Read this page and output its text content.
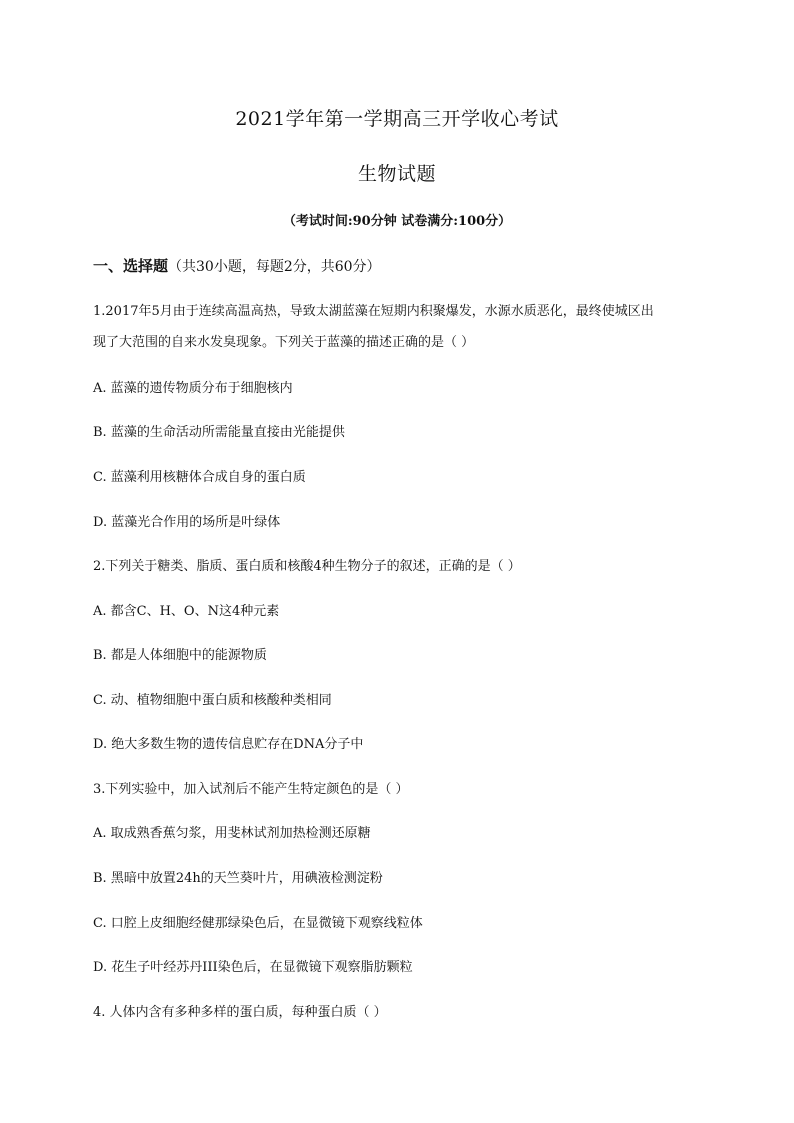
2021学年第一学期高三开学收心考试
生物试题
（考试时间:90分钟 试卷满分:100分）
一、选择题（共30小题，每题2分，共60分）
1.2017年5月由于连续高温高热，导致太湖蓝藻在短期内积聚爆发，水源水质恶化，最终使城区出
现了大范围的自来水发臭现象。下列关于蓝藻的描述正确的是（ ）
A. 蓝藻的遗传物质分布于细胞核内
B. 蓝藻的生命活动所需能量直接由光能提供
C. 蓝藻利用核糖体合成自身的蛋白质
D. 蓝藻光合作用的场所是叶绿体
2.下列关于糖类、脂质、蛋白质和核酸4种生物分子的叙述，正确的是（ ）
A. 都含C、H、O、N这4种元素
B. 都是人体细胞中的能源物质
C. 动、植物细胞中蛋白质和核酸种类相同
D. 绝大多数生物的遗传信息贮存在DNA分子中
3.下列实验中，加入试剂后不能产生特定颜色的是（ ）
A. 取成熟香蕉匀浆，用斐林试剂加热检测还原糖
B. 黑暗中放置24h的天竺葵叶片，用碘液检测淀粉
C. 口腔上皮细胞经健那绿染色后，在显微镜下观察线粒体
D. 花生子叶经苏丹III染色后，在显微镜下观察脂肪颗粒
4. 人体内含有多种多样的蛋白质，每种蛋白质（ ）
